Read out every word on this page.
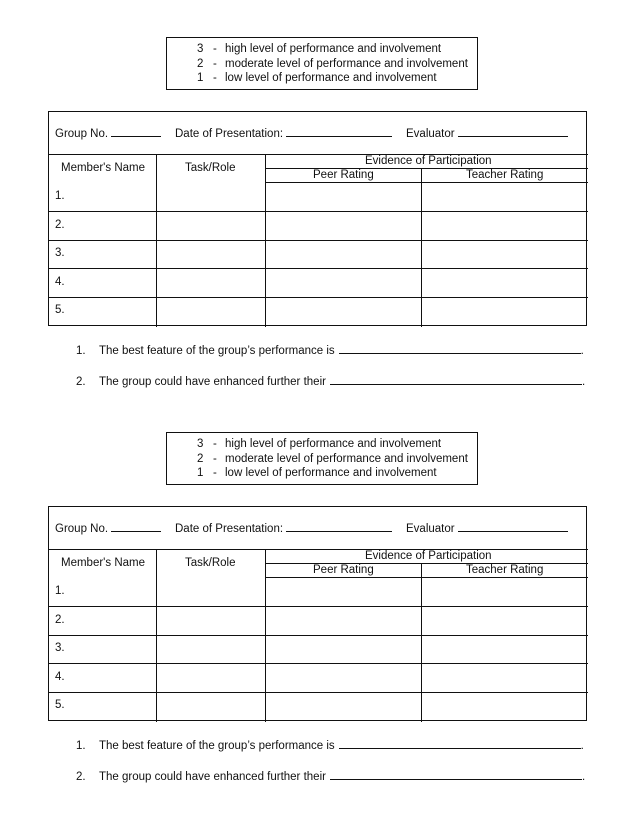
3 - high level of performance and involvement
2 - moderate level of performance and involvement
1 - low level of performance and involvement
Group No.	Date of Presentation:	Evaluator
Member's Name	Task/Role
Evidence of Participation
Peer Rating	Teacher Rating
1.
2.
3.
4.
5.
1. The best feature of the group’s performance is	.
2. The group could have enhanced further their	.
3 - high level of performance and involvement
2 - moderate level of performance and involvement
1 - low level of performance and involvement
Group No.	Date of Presentation:	Evaluator
Member's Name	Task/Role
Evidence of Participation
Peer Rating	Teacher Rating
1.
2.
3.
4.
5.
1. The best feature of the group’s performance is	.
2. The group could have enhanced further their	.
